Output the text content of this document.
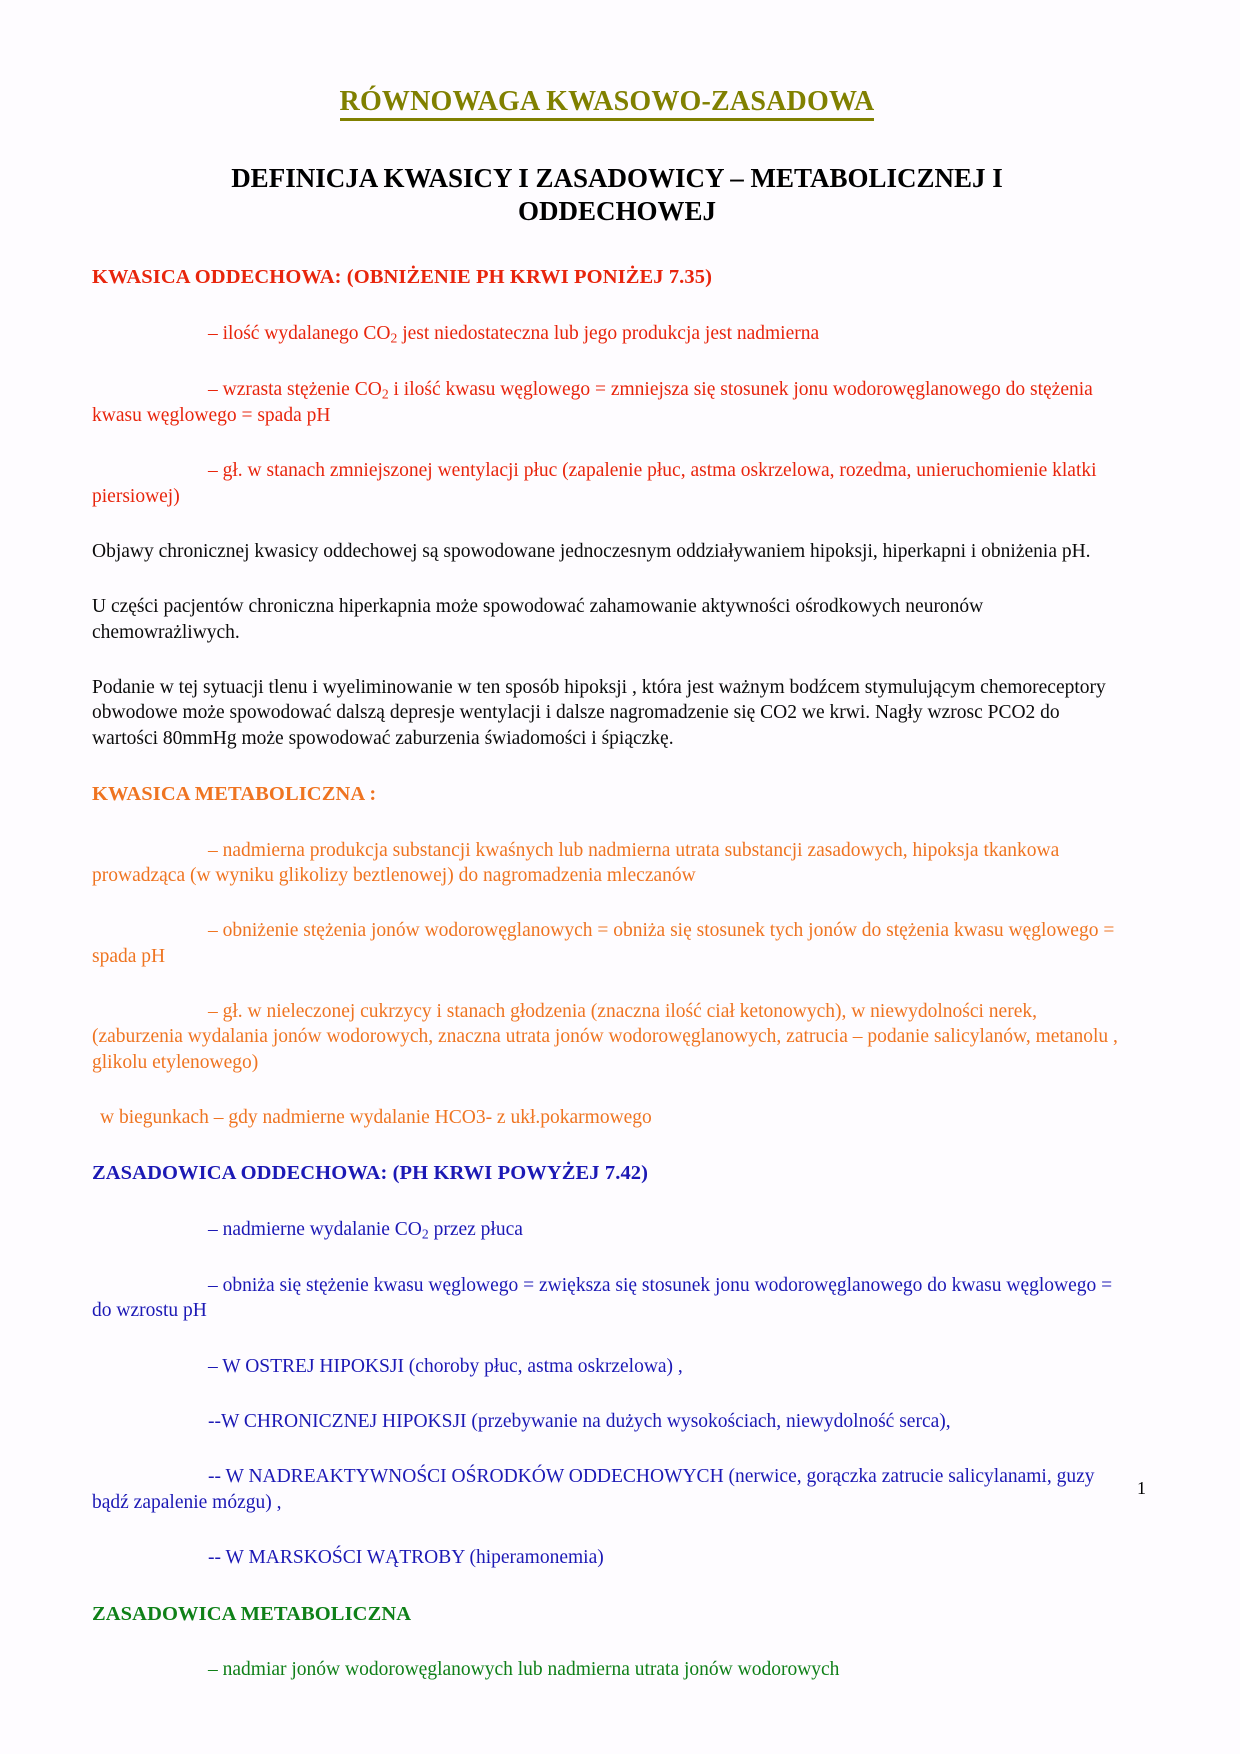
RÓWNOWAGA KWASOWO-ZASADOWA
DEFINICJA KWASICY I ZASADOWICY – METABOLICZNEJ I ODDECHOWEJ

KWASICA ODDECHOWA: (OBNIŻENIE PH KRWI PONIŻEJ 7.35)

– ilość wydalanego $CO_2$ jest niedostateczna lub jego produkcja jest nadmierna

– wzrasta stężenie $CO_2$ i ilość kwasu węglowego = zmniejsza się stosunek jonu wodorowęglanowego do stężenia kwasu węglowego = spada pH

– gł. w stanach zmniejszonej wentylacji płuc (zapalenie płuc, astma oskrzelowa, rozedma, unieruchomienie klatki piersiowej)

Objawy chronicznej kwasicy oddechowej są spowodowane jednoczesnym oddziaływaniem hipoksji, hiperkapni i obniżenia pH.

U części pacjentów chroniczna hiperkapnia może spowodować zahamowanie aktywności ośrodkowych neuronów chemowrażliwych.

Podanie w tej sytuacji tlenu i wyeliminowanie w ten sposób hipoksji , która jest ważnym bodźcem stymulującym chemoreceptory obwodowe może spowodować dalszą depresje wentylacji i dalsze nagromadzenie się CO2 we krwi. Nagły wzrosc PCO2 do wartości 80mmHg może spowodować zaburzenia świadomości i śpiączkę.

KWASICA METABOLICZNA :

– nadmierna produkcja substancji kwaśnych lub nadmierna utrata substancji zasadowych, hipoksja tkankowa prowadząca (w wyniku glikolizy beztlenowej) do nagromadzenia mleczanów

– obniżenie stężenia jonów wodorowęglanowych = obniża się stosunek tych jonów do stężenia kwasu węglowego = spada pH

– gł. w nieleczonej cukrzycy i stanach głodzenia (znaczna ilość ciał ketonowych), w niewydolności nerek, (zaburzenia wydalania jonów wodorowych, znaczna utrata jonów wodorowęglanowych, zatrucia – podanie salicylanów, metanolu , glikolu etylenowego)

w biegunkach – gdy nadmierne wydalanie HCO3- z ukł.pokarmowego

ZASADOWICA ODDECHOWA: (PH KRWI POWYŻEJ 7.42)

– nadmierne wydalanie $CO_2$ przez płuca

– obniża się stężenie kwasu węglowego = zwiększa się stosunek jonu wodorowęglanowego do kwasu węglowego = do wzrostu pH

– W OSTREJ HIPOKSJI (choroby płuc, astma oskrzelowa) ,

--W CHRONICZNEJ HIPOKSJI (przebywanie na dużych wysokościach, niewydolność serca),

-- W NADREAKTYWNOŚCI OŚRODKÓW ODDECHOWYCH (nerwice, gorączka zatrucie salicylanami, guzy bądź zapalenie mózgu) ,

-- W MARSKOŚCI WĄTROBY (hiperamonemia)

ZASADOWICA METABOLICZNA

– nadmiar jonów wodorowęglanowych lub nadmierna utrata jonów wodorowych

1
